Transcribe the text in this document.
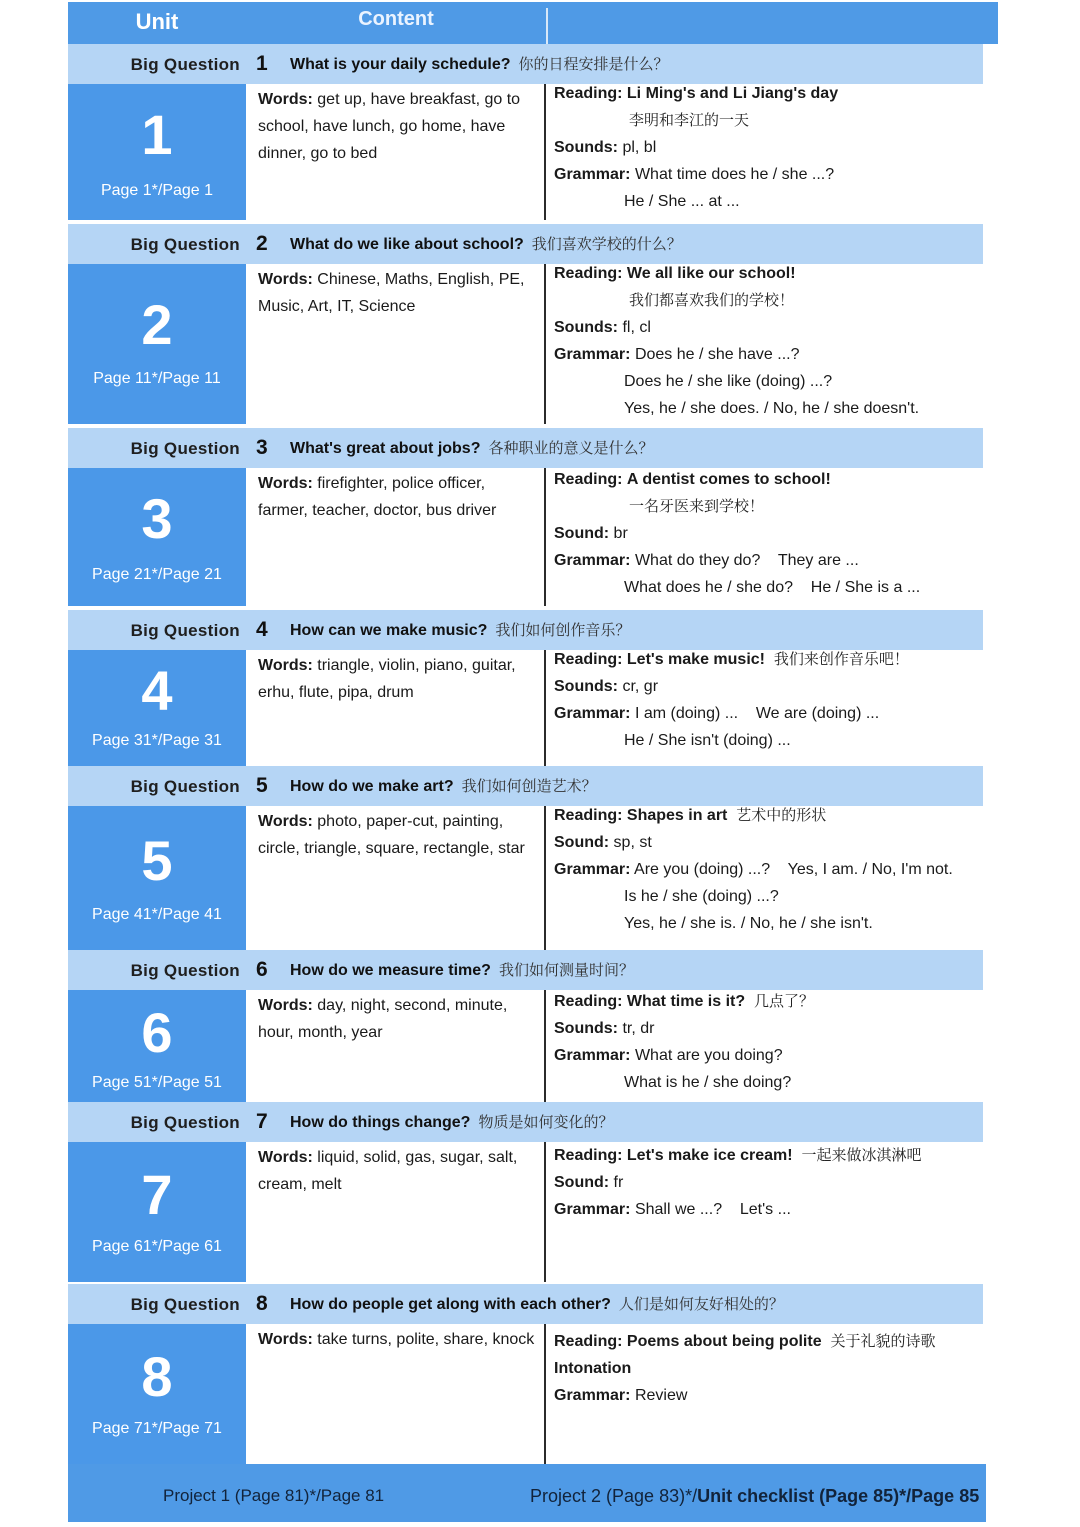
Unit	Content
Big Question 1 What is your daily schedule? 你的日程安排是什么？
1
Page 1*/Page 1
Words: get up, have breakfast, go to school, have lunch, go home, have dinner, go to bed
Reading: Li Ming's and Li Jiang's day
李明和李江的一天
Sounds: pl, bl
Grammar: What time does he / she ...?
He / She ... at ...
Big Question 2 What do we like about school? 我们喜欢学校的什么？
2
Page 11*/Page 11
Words: Chinese, Maths, English, PE, Music, Art, IT, Science
Reading: We all like our school!
我们都喜欢我们的学校！
Sounds: fl, cl
Grammar: Does he / she have ...?
Does he / she like (doing) ...?
Yes, he / she does. / No, he / she doesn't.
Big Question 3 What's great about jobs? 各种职业的意义是什么？
3
Page 21*/Page 21
Words: firefighter, police officer, farmer, teacher, doctor, bus driver
Reading: A dentist comes to school!
一名牙医来到学校！
Sound: br
Grammar: What do they do?    They are ...
What does he / she do?    He / She is a ...
Big Question 4 How can we make music? 我们如何创作音乐？
4
Page 31*/Page 31
Words: triangle, violin, piano, guitar, erhu, flute, pipa, drum
Reading: Let's make music! 我们来创作音乐吧！
Sounds: cr, gr
Grammar: I am (doing) ...    We are (doing) ...
He / She isn't (doing) ...
Big Question 5 How do we make art? 我们如何创造艺术？
5
Page 41*/Page 41
Words: photo, paper-cut, painting, circle, triangle, square, rectangle, star
Reading: Shapes in art 艺术中的形状
Sound: sp, st
Grammar: Are you (doing) ...?    Yes, I am. / No, I'm not.
Is he / she (doing) ...?
Yes, he / she is. / No, he / she isn't.
Big Question 6 How do we measure time? 我们如何测量时间？
6
Page 51*/Page 51
Words: day, night, second, minute, hour, month, year
Reading: What time is it? 几点了？
Sounds: tr, dr
Grammar: What are you doing?
What is he / she doing?
Big Question 7 How do things change? 物质是如何变化的？
7
Page 61*/Page 61
Words: liquid, solid, gas, sugar, salt, cream, melt
Reading: Let's make ice cream! 一起来做冰淇淋吧
Sound: fr
Grammar: Shall we ...?    Let's ...
Big Question 8 How do people get along with each other? 人们是如何友好相处的？
8
Page 71*/Page 71
Words: take turns, polite, share, knock Reading: Poems about being polite 关于礼貌的诗歌
Intonation
Grammar: Review
Project 1 (Page 81)*/Page 81	Project 2 (Page 83)*/Unit checklist (Page 85)*/Page 85
